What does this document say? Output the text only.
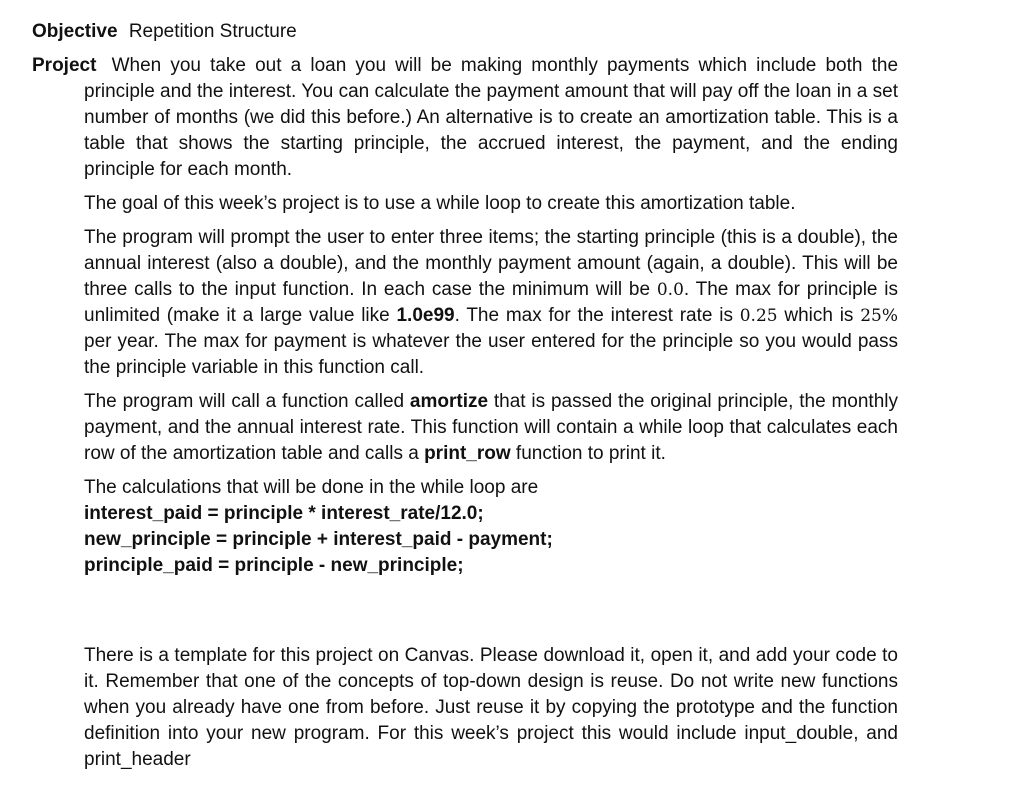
Objective Repetition Structure
Project When you take out a loan you will be making monthly payments which include both the principle and the interest. You can calculate the payment amount that will pay off the loan in a set number of months (we did this before.) An alternative is to create an amortization table. This is a table that shows the starting principle, the accrued interest, the payment, and the ending principle for each month.

The goal of this week’s project is to use a while loop to create this amortization table.

The program will prompt the user to enter three items; the starting principle (this is a double), the annual interest (also a double), and the monthly payment amount (again, a double). This will be three calls to the input function. In each case the minimum will be 0.0. The max for principle is unlimited (make it a large value like 1.0e99. The max for the interest rate is 0.25 which is 25% per year. The max for payment is whatever the user entered for the principle so you would pass the principle variable in this function call.

The program will call a function called amortize that is passed the original principle, the monthly payment, and the annual interest rate. This function will contain a while loop that calculates each row of the amortization table and calls a print_row function to print it.

The calculations that will be done in the while loop are

interest_paid = principle * interest_rate/12.0;
new_principle = principle + interest_paid - payment;
principle_paid = principle - new_principle;

There is a template for this project on Canvas. Please download it, open it, and add your code to it. Remember that one of the concepts of top-down design is reuse. Do not write new functions when you already have one from before. Just reuse it by copying the prototype and the function definition into your new program. For this week’s project this would include input_double, and print_header
